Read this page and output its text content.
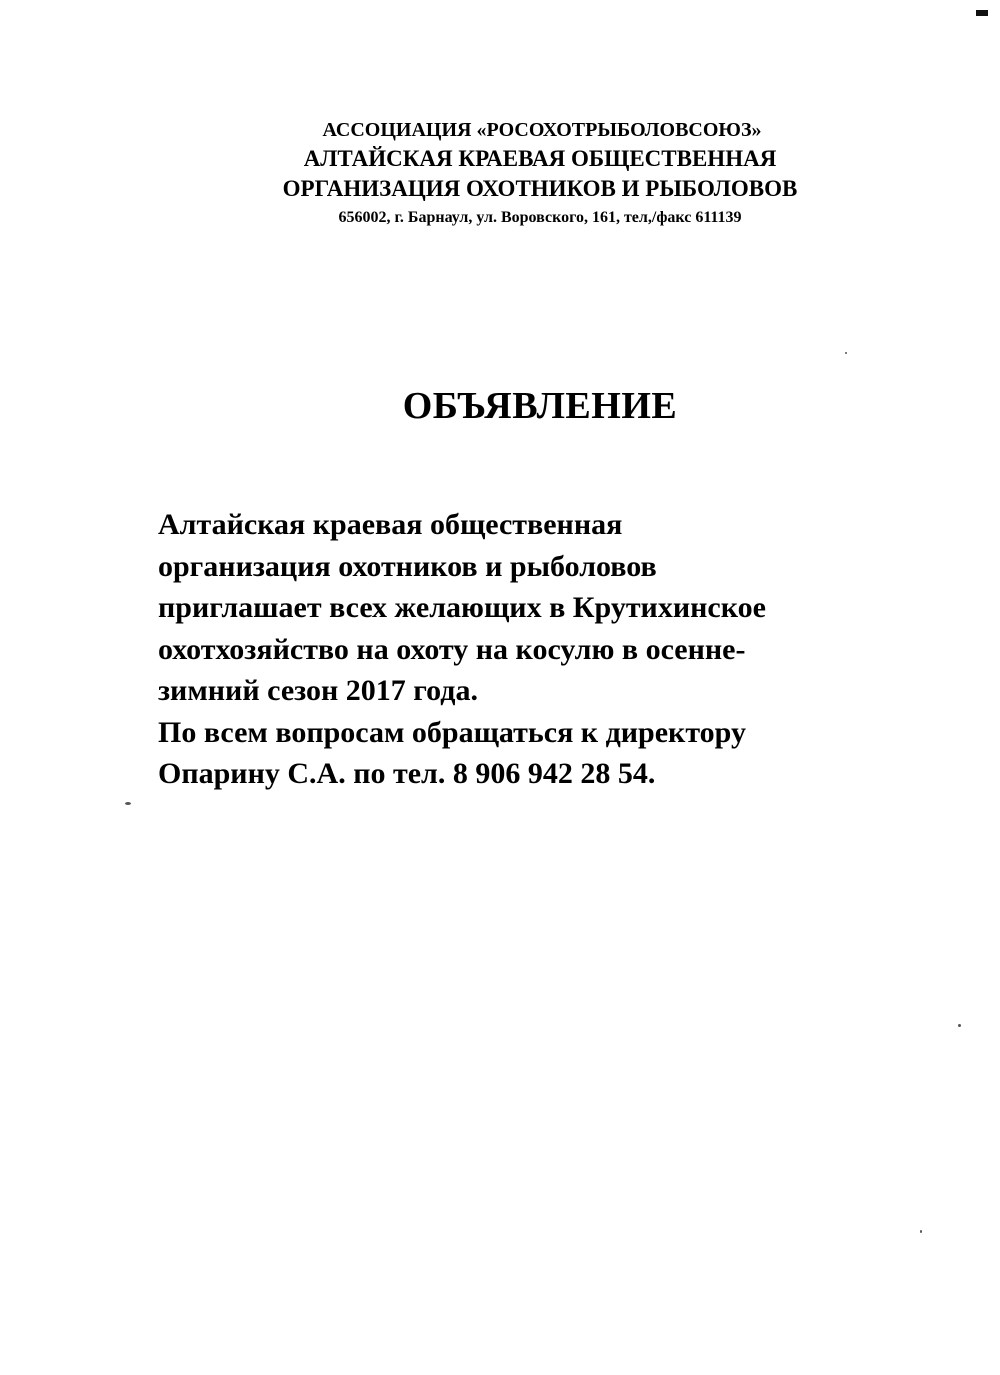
АССОЦИАЦИЯ «РОСОХОТРЫБОЛОВСОЮЗ»
АЛТАЙСКАЯ КРАЕВАЯ ОБЩЕСТВЕННАЯ
ОРГАНИЗАЦИЯ ОХОТНИКОВ И РЫБОЛОВОВ
656002, г. Барнаул, ул. Воровского, 161, тел,/факс 611139
ОБЪЯВЛЕНИЕ
Алтайская краевая общественная
организация охотников и рыболовов
приглашает всех желающих в Крутихинское
охотхозяйство на охоту на косулю в осенне-
зимний сезон 2017 года.
По всем вопросам обращаться к директору
Опарину С.А. по тел. 8 906 942 28 54.
